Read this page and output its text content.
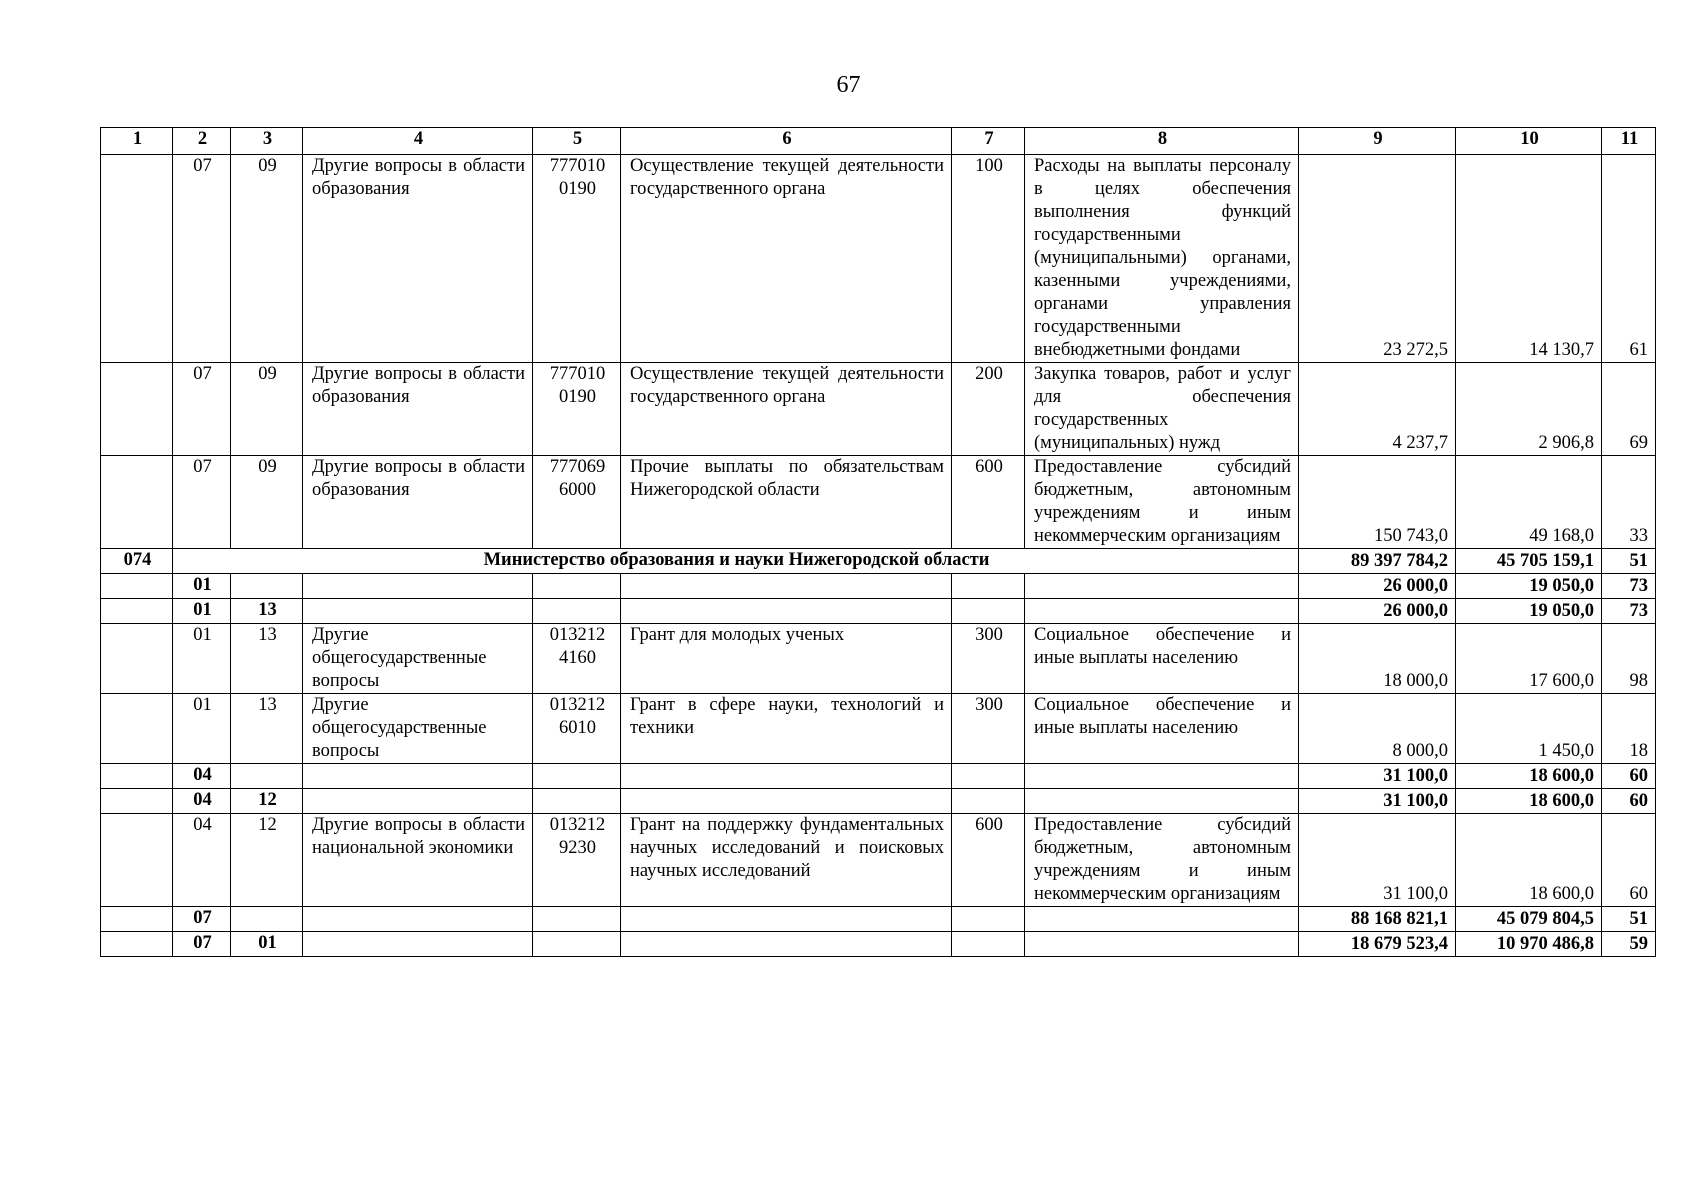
67
1	2	3	4	5	6	7	8	9	10	11
	07	09	Другие вопросы в области образования	777010 0190	Осуществление текущей деятельности государственного органа	100	Расходы на выплаты персоналу в целях обеспечения выполнения функций государственными (муниципальными) органами, казенными учреждениями, органами управления государственными внебюджетными фондами	23 272,5	14 130,7	61
	07	09	Другие вопросы в области образования	777010 0190	Осуществление текущей деятельности государственного органа	200	Закупка товаров, работ и услуг для обеспечения государственных (муниципальных) нужд	4 237,7	2 906,8	69
	07	09	Другие вопросы в области образования	777069 6000	Прочие выплаты по обязательствам Нижегородской области	600	Предоставление субсидий бюджетным, автономным учреждениям и иным некоммерческим организациям	150 743,0	49 168,0	33
074	Министерство образования и науки Нижегородской области							89 397 784,2	45 705 159,1	51
	01							26 000,0	19 050,0	73
	01	13						26 000,0	19 050,0	73
	01	13	Другие общегосударственные вопросы	013212 4160	Грант для молодых ученых	300	Социальное обеспечение и иные выплаты населению	18 000,0	17 600,0	98
	01	13	Другие общегосударственные вопросы	013212 6010	Грант в сфере науки, технологий и техники	300	Социальное обеспечение и иные выплаты населению	8 000,0	1 450,0	18
	04							31 100,0	18 600,0	60
	04	12						31 100,0	18 600,0	60
	04	12	Другие вопросы в области национальной экономики	013212 9230	Грант на поддержку фундаментальных научных исследований и поисковых научных исследований	600	Предоставление субсидий бюджетным, автономным учреждениям и иным некоммерческим организациям	31 100,0	18 600,0	60
	07							88 168 821,1	45 079 804,5	51
	07	01						18 679 523,4	10 970 486,8	59
